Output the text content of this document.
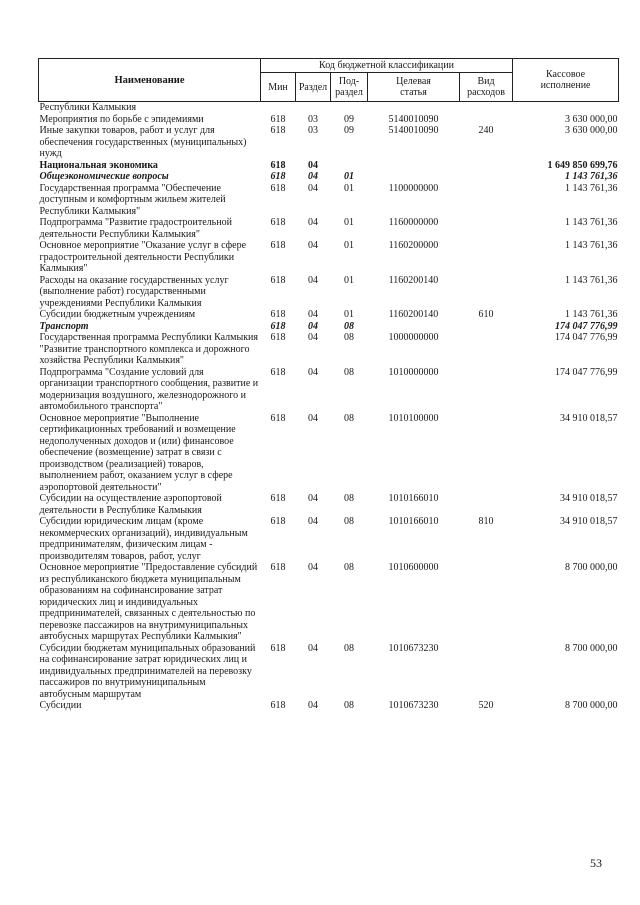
Наименование	Код бюджетной классификации					Кассовое
исполнение
	Мин	Раздел	Под-
раздел	Целевая
статья	Вид
расходов	
Республики Калмыкия						
Мероприятия по борьбе с эпидемиями	618	03	09	5140010090		3 630 000,00
Иные закупки товаров, работ и услуг для обеспечения государственных (муниципальных) нужд	618	03	09	5140010090	240	3 630 000,00
Национальная экономика	618	04				1 649 850 699,76
Общеэкономические вопросы	618	04	01			1 143 761,36
Государственная программа "Обеспечение доступным и комфортным жильем жителей Республики Калмыкия"	618	04	01	1100000000		1 143 761,36
Подпрограмма "Развитие градостроительной деятельности Республики Калмыкия"	618	04	01	1160000000		1 143 761,36
Основное мероприятие "Оказание услуг в сфере градостроительной деятельности Республики Калмыкия"	618	04	01	1160200000		1 143 761,36
Расходы на оказание государственных услуг (выполнение работ) государственными учреждениями Республики Калмыкия	618	04	01	1160200140		1 143 761,36
Субсидии бюджетным учреждениям	618	04	01	1160200140	610	1 143 761,36
Транспорт	618	04	08			174 047 776,99
Государственная программа Республики Калмыкия "Развитие транспортного комплекса и дорожного хозяйства Республики Калмыкия"	618	04	08	1000000000		174 047 776,99
Подпрограмма "Создание условий для организации транспортного сообщения, развитие и модернизация воздушного, железнодорожного и автомобильного транспорта"	618	04	08	1010000000		174 047 776,99
Основное мероприятие "Выполнение сертификационных требований и возмещение недополученных доходов и (или) финансовое обеспечение (возмещение) затрат в связи с производством (реализацией) товаров, выполнением работ, оказанием услуг в сфере аэропортовой деятельности"	618	04	08	1010100000		34 910 018,57
Субсидии на осуществление аэропортовой деятельности в Республике Калмыкия	618	04	08	1010166010		34 910 018,57
Субсидии юридическим лицам (кроме некоммерческих организаций), индивидуальным предпринимателям, физическим лицам - производителям товаров, работ, услуг	618	04	08	1010166010	810	34 910 018,57
Основное мероприятие "Предоставление субсидий из республиканского бюджета муниципальным образованиям на софинансирование затрат юридических лиц и индивидуальных предпринимателей, связанных с деятельностью по перевозке пассажиров на внутримуниципальных автобусных маршрутах Республики Калмыкия"	618	04	08	1010600000		8 700 000,00
Субсидии бюджетам муниципальных образований на софинансирование затрат юридических лиц и индивидуальных предпринимателей на перевозку пассажиров по внутримуниципальным автобусным маршрутам	618	04	08	1010673230		8 700 000,00
Субсидии	618	04	08	1010673230	520	8 700 000,00
53
